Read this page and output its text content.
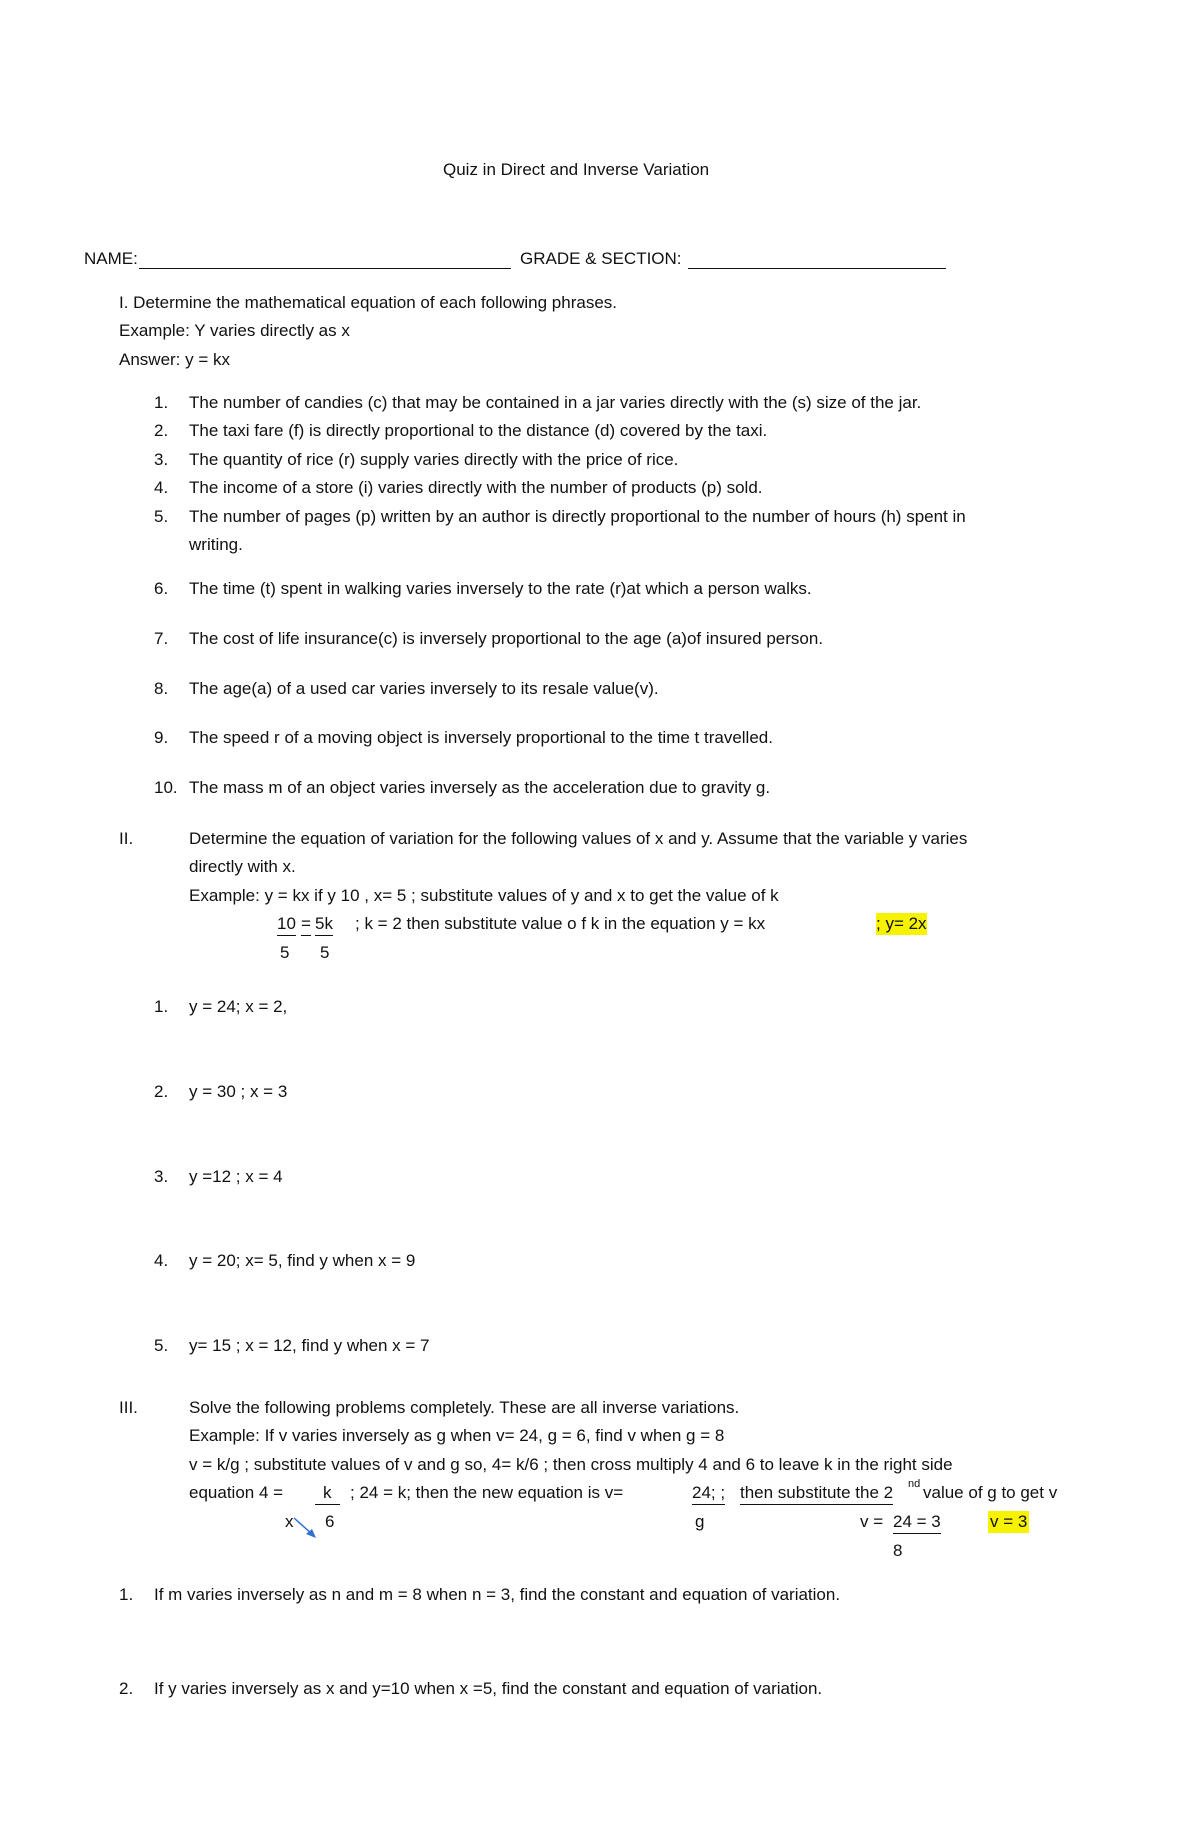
Quiz in Direct and Inverse Variation
NAME:	GRADE & SECTION:
I. Determine the mathematical equation of each following phrases.
Example: Y varies directly as x
Answer: y = kx
1. The number of candies (c) that may be contained in a jar varies directly with the (s) size of the jar.
2. The taxi fare (f) is directly proportional to the distance (d) covered by the taxi.
3. The quantity of rice (r) supply varies directly with the price of rice.
4. The income of a store (i) varies directly with the number of products (p) sold.
5. The number of pages (p) written by an author is directly proportional to the number of hours (h) spent in
writing.
6. The time (t) spent in walking varies inversely to the rate (r)at which a person walks.
7. The cost of life insurance(c) is inversely proportional to the age (a)of insured person.
8. The age(a) of a used car varies inversely to its resale value(v).
9. The speed r of a moving object is inversely proportional to the time t travelled.
10. The mass m of an object varies inversely as the acceleration due to gravity g.
II.	Determine the equation of variation for the following values of x and y. Assume that the variable y varies
directly with x.
Example: y = kx if y 10 , x= 5 ; substitute values of y and x to get the value of k
10 = 5k ; k = 2 then substitute value o f k in the equation y = kx	; y= 2x
5 5
1. y = 24; x = 2,
2. y = 30 ; x = 3
3. y =12 ; x = 4
4. y = 20; x= 5, find y when x = 9
5. y= 15 ; x = 12, find y when x = 7
III.	Solve the following problems completely. These are all inverse variations.
Example: If v varies inversely as g when v= 24, g = 6, find v when g = 8
v = k/g ; substitute values of v and g so, 4= k/6 ; then cross multiply 4 and 6 to leave k in the right side
equation 4 =	k	; 24 = k; then the new equation is v=	24; ; then substitute the 2 nd value of g to get v
x 6	g	v = 24 = 3	v = 3
8
1. If m varies inversely as n and m = 8 when n = 3, find the constant and equation of variation.
2. If y varies inversely as x and y=10 when x =5, find the constant and equation of variation.
